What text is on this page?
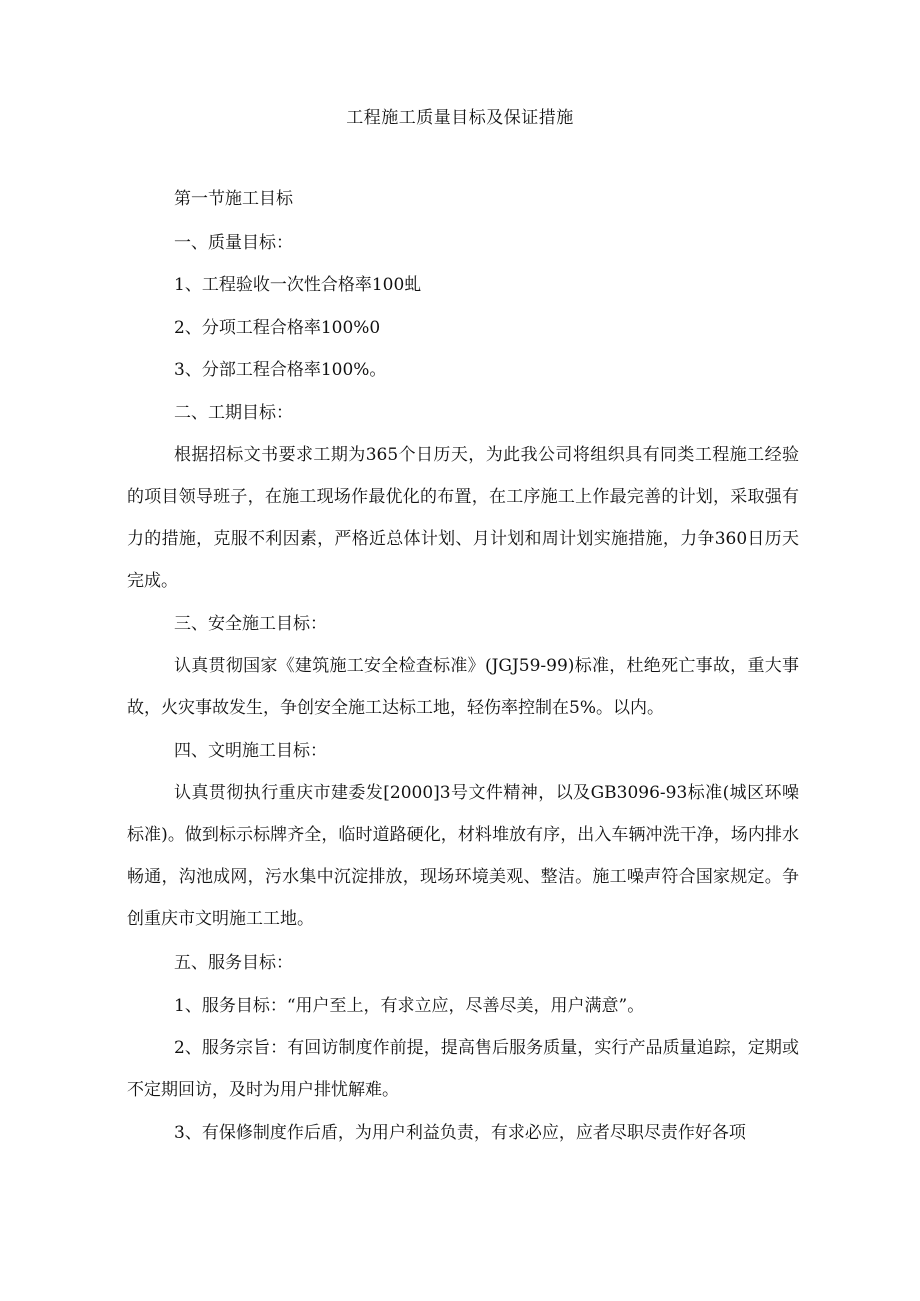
工程施工质量目标及保证措施
第一节施工目标
一、质量目标：
1、工程验收一次性合格率100虬
2、分项工程合格率100%0
3、分部工程合格率100%。
二、工期目标：
根据招标文书要求工期为365个日历天，为此我公司将组织具有同类工程施工经验的项目领导班子，在施工现场作最优化的布置，在工序施工上作最完善的计划，采取强有力的措施，克服不利因素，严格近总体计划、月计划和周计划实施措施，力争360日历天完成。
三、安全施工目标：
认真贯彻国家《建筑施工安全检查标准》(JGJ59-99)标准，杜绝死亡事故，重大事故，火灾事故发生，争创安全施工达标工地，轻伤率控制在5%。以内。
四、文明施工目标：
认真贯彻执行重庆市建委发[2000]3号文件精神，以及GB3096-93标准(城区环噪标准)。做到标示标牌齐全，临时道路硬化，材料堆放有序，出入车辆冲洗干净，场内排水畅通，沟池成网，污水集中沉淀排放，现场环境美观、整洁。施工噪声符合国家规定。争创重庆市文明施工工地。
五、服务目标：
1、服务目标：“用户至上，有求立应，尽善尽美，用户满意”。
2、服务宗旨：有回访制度作前提，提高售后服务质量，实行产品质量追踪，定期或不定期回访，及时为用户排忧解难。
3、有保修制度作后盾，为用户利益负责，有求必应，应者尽职尽责作好各项
